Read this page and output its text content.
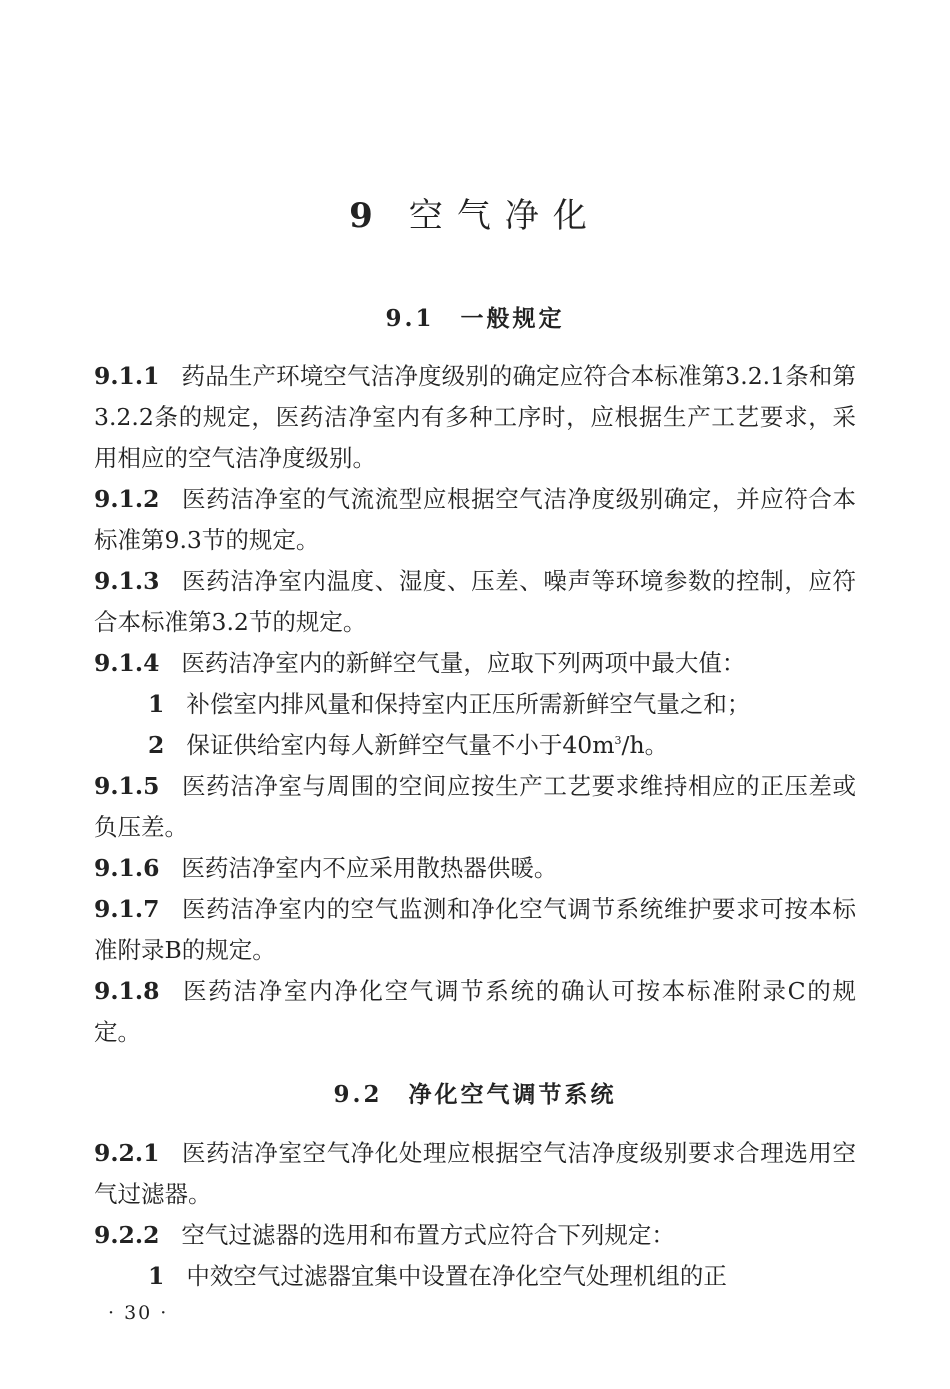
9 空气净化
9.1 一般规定
9.1.1 药品生产环境空气洁净度级别的确定应符合本标准第3.2.1条和第3.2.2条的规定，医药洁净室内有多种工序时，应根据生产工艺要求，采用相应的空气洁净度级别。
9.1.2 医药洁净室的气流流型应根据空气洁净度级别确定，并应符合本标准第9.3节的规定。
9.1.3 医药洁净室内温度、湿度、压差、噪声等环境参数的控制，应符合本标准第3.2节的规定。
9.1.4 医药洁净室内的新鲜空气量，应取下列两项中最大值：
1 补偿室内排风量和保持室内正压所需新鲜空气量之和；
2 保证供给室内每人新鲜空气量不小于$40m^3/h$。
9.1.5 医药洁净室与周围的空间应按生产工艺要求维持相应的正压差或负压差。
9.1.6 医药洁净室内不应采用散热器供暖。
9.1.7 医药洁净室内的空气监测和净化空气调节系统维护要求可按本标准附录B的规定。
9.1.8 医药洁净室内净化空气调节系统的确认可按本标准附录C的规定。
9.2 净化空气调节系统
9.2.1 医药洁净室空气净化处理应根据空气洁净度级别要求合理选用空气过滤器。
9.2.2 空气过滤器的选用和布置方式应符合下列规定：
1 中效空气过滤器宜集中设置在净化空气处理机组的正
· 30 ·
